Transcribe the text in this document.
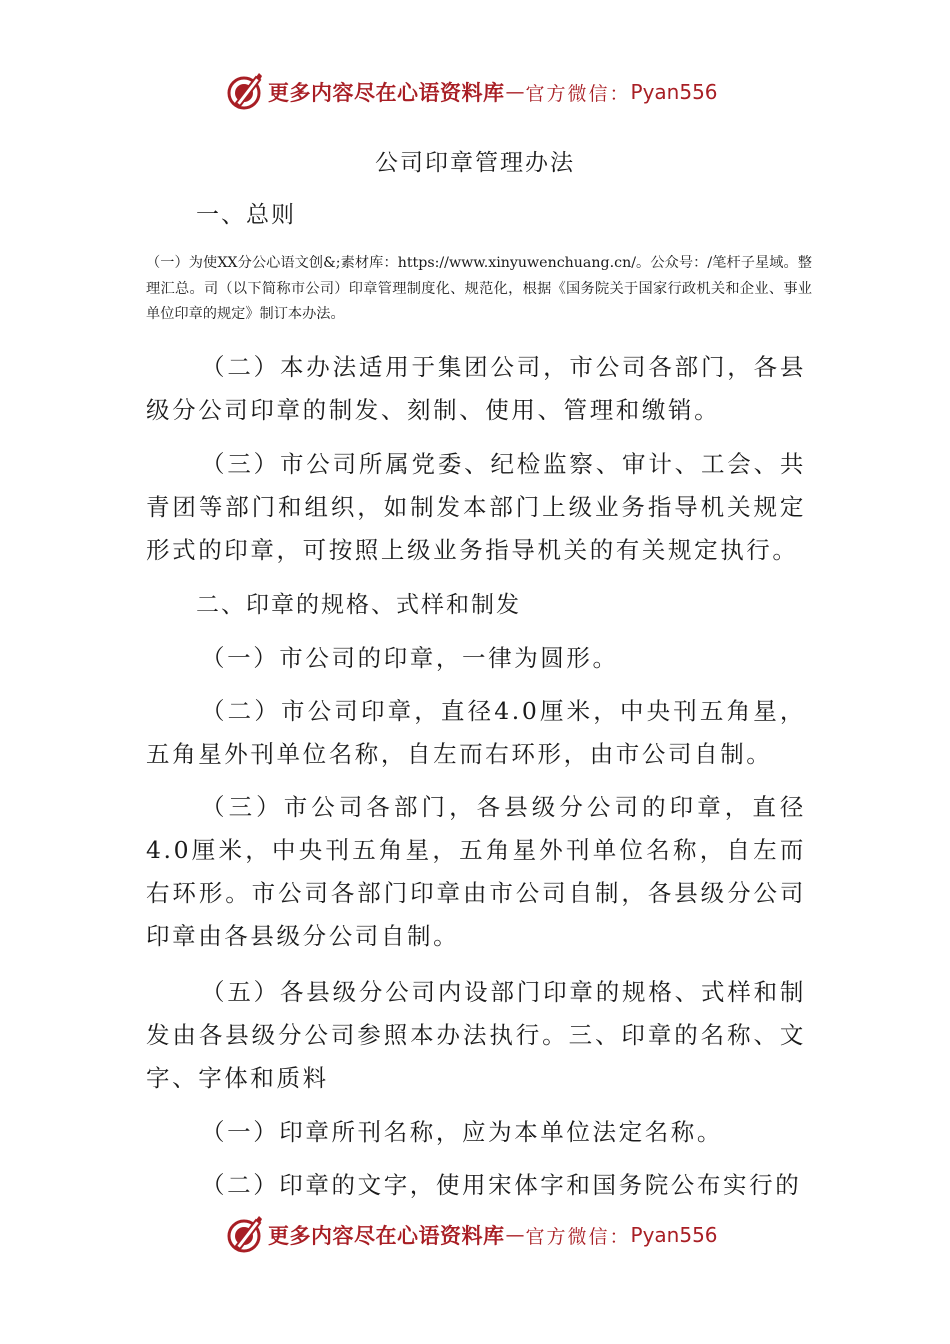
更多内容尽在心语资料库 — 官方微信： Pyan556
公司印章管理办法
一、总则
（一）为使XX分公心语文创&;素材库：https://www.xinyuwenchuang.cn/。公众号：/笔杆子星域。整理汇总。司（以下简称市公司）印章管理制度化、规范化，根据《国务院关于国家行政机关和企业、事业单位印章的规定》制订本办法。
（二）本办法适用于集团公司，市公司各部门，各县级分公司印章的制发、刻制、使用、管理和缴销。
（三）市公司所属党委、纪检监察、审计、工会、共青团等部门和组织，如制发本部门上级业务指导机关规定形式的印章，可按照上级业务指导机关的有关规定执行。
二、印章的规格、式样和制发
（一）市公司的印章，一律为圆形。
（二）市公司印章，直径4.0厘米，中央刊五角星，五角星外刊单位名称，自左而右环形，由市公司自制。
（三）市公司各部门，各县级分公司的印章，直径4.0厘米，中央刊五角星，五角星外刊单位名称，自左而右环形。市公司各部门印章由市公司自制，各县级分公司印章由各县级分公司自制。
（五）各县级分公司内设部门印章的规格、式样和制发由各县级分公司参照本办法执行。三、印章的名称、文字、字体和质料
（一）印章所刊名称，应为本单位法定名称。
（二）印章的文字，使用宋体字和国务院公布实行的
更多内容尽在心语资料库 — 官方微信： Pyan556
